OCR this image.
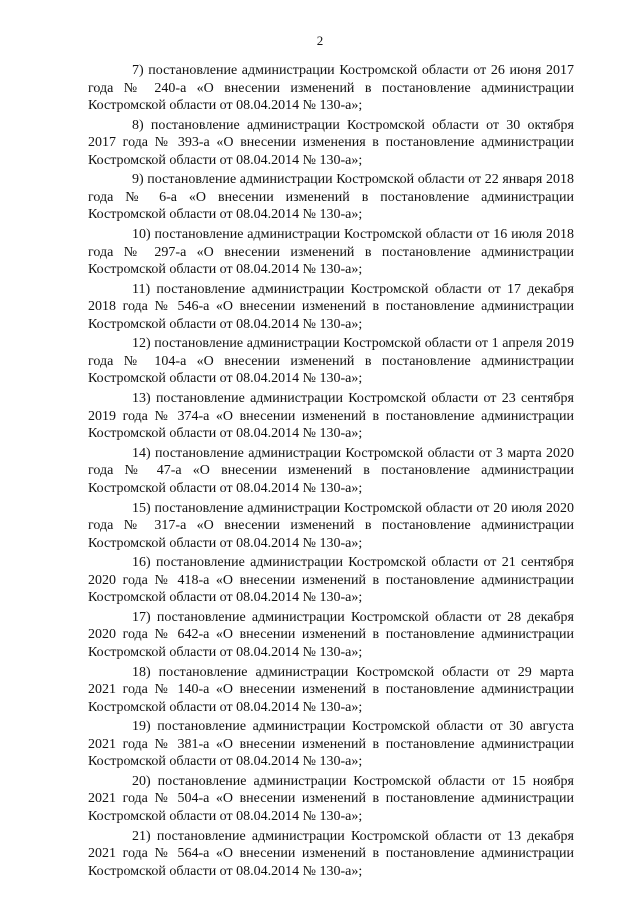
2

7) постановление администрации Костромской области от 26 июня 2017 года № 240-а «О внесении изменений в постановление администрации Костромской области от 08.04.2014 № 130-а»;

8) постановление администрации Костромской области от 30 октября 2017 года № 393-а «О внесении изменения в постановление администрации Костромской области от 08.04.2014 № 130-а»;

9) постановление администрации Костромской области от 22 января 2018 года № 6-а «О внесении изменений в постановление администрации Костромской области от 08.04.2014 № 130-а»;

10) постановление администрации Костромской области от 16 июля 2018 года № 297-а «О внесении изменений в постановление администрации Костромской области от 08.04.2014 № 130-а»;

11) постановление администрации Костромской области от 17 декабря 2018 года № 546-а «О внесении изменений в постановление администрации Костромской области от 08.04.2014 № 130-а»;

12) постановление администрации Костромской области от 1 апреля 2019 года № 104-а «О внесении изменений в постановление администрации Костромской области от 08.04.2014 № 130-а»;

13) постановление администрации Костромской области от 23 сентября 2019 года № 374-а «О внесении изменений в постановление администрации Костромской области от 08.04.2014 № 130-а»;

14) постановление администрации Костромской области от 3 марта 2020 года № 47-а «О внесении изменений в постановление администрации Костромской области от 08.04.2014 № 130-а»;

15) постановление администрации Костромской области от 20 июля 2020 года № 317-а «О внесении изменений в постановление администрации Костромской области от 08.04.2014 № 130-а»;

16) постановление администрации Костромской области от 21 сентября 2020 года № 418-а «О внесении изменений в постановление администрации Костромской области от 08.04.2014 № 130-а»;

17) постановление администрации Костромской области от 28 декабря 2020 года № 642-а «О внесении изменений в постановление администрации Костромской области от 08.04.2014 № 130-а»;

18) постановление администрации Костромской области от 29 марта 2021 года № 140-а «О внесении изменений в постановление администрации Костромской области от 08.04.2014 № 130-а»;

19) постановление администрации Костромской области от 30 августа 2021 года № 381-а «О внесении изменений в постановление администрации Костромской области от 08.04.2014 № 130-а»;

20) постановление администрации Костромской области от 15 ноября 2021 года № 504-а «О внесении изменений в постановление администрации Костромской области от 08.04.2014 № 130-а»;

21) постановление администрации Костромской области от 13 декабря 2021 года № 564-а «О внесении изменений в постановление администрации Костромской области от 08.04.2014 № 130-а»;
